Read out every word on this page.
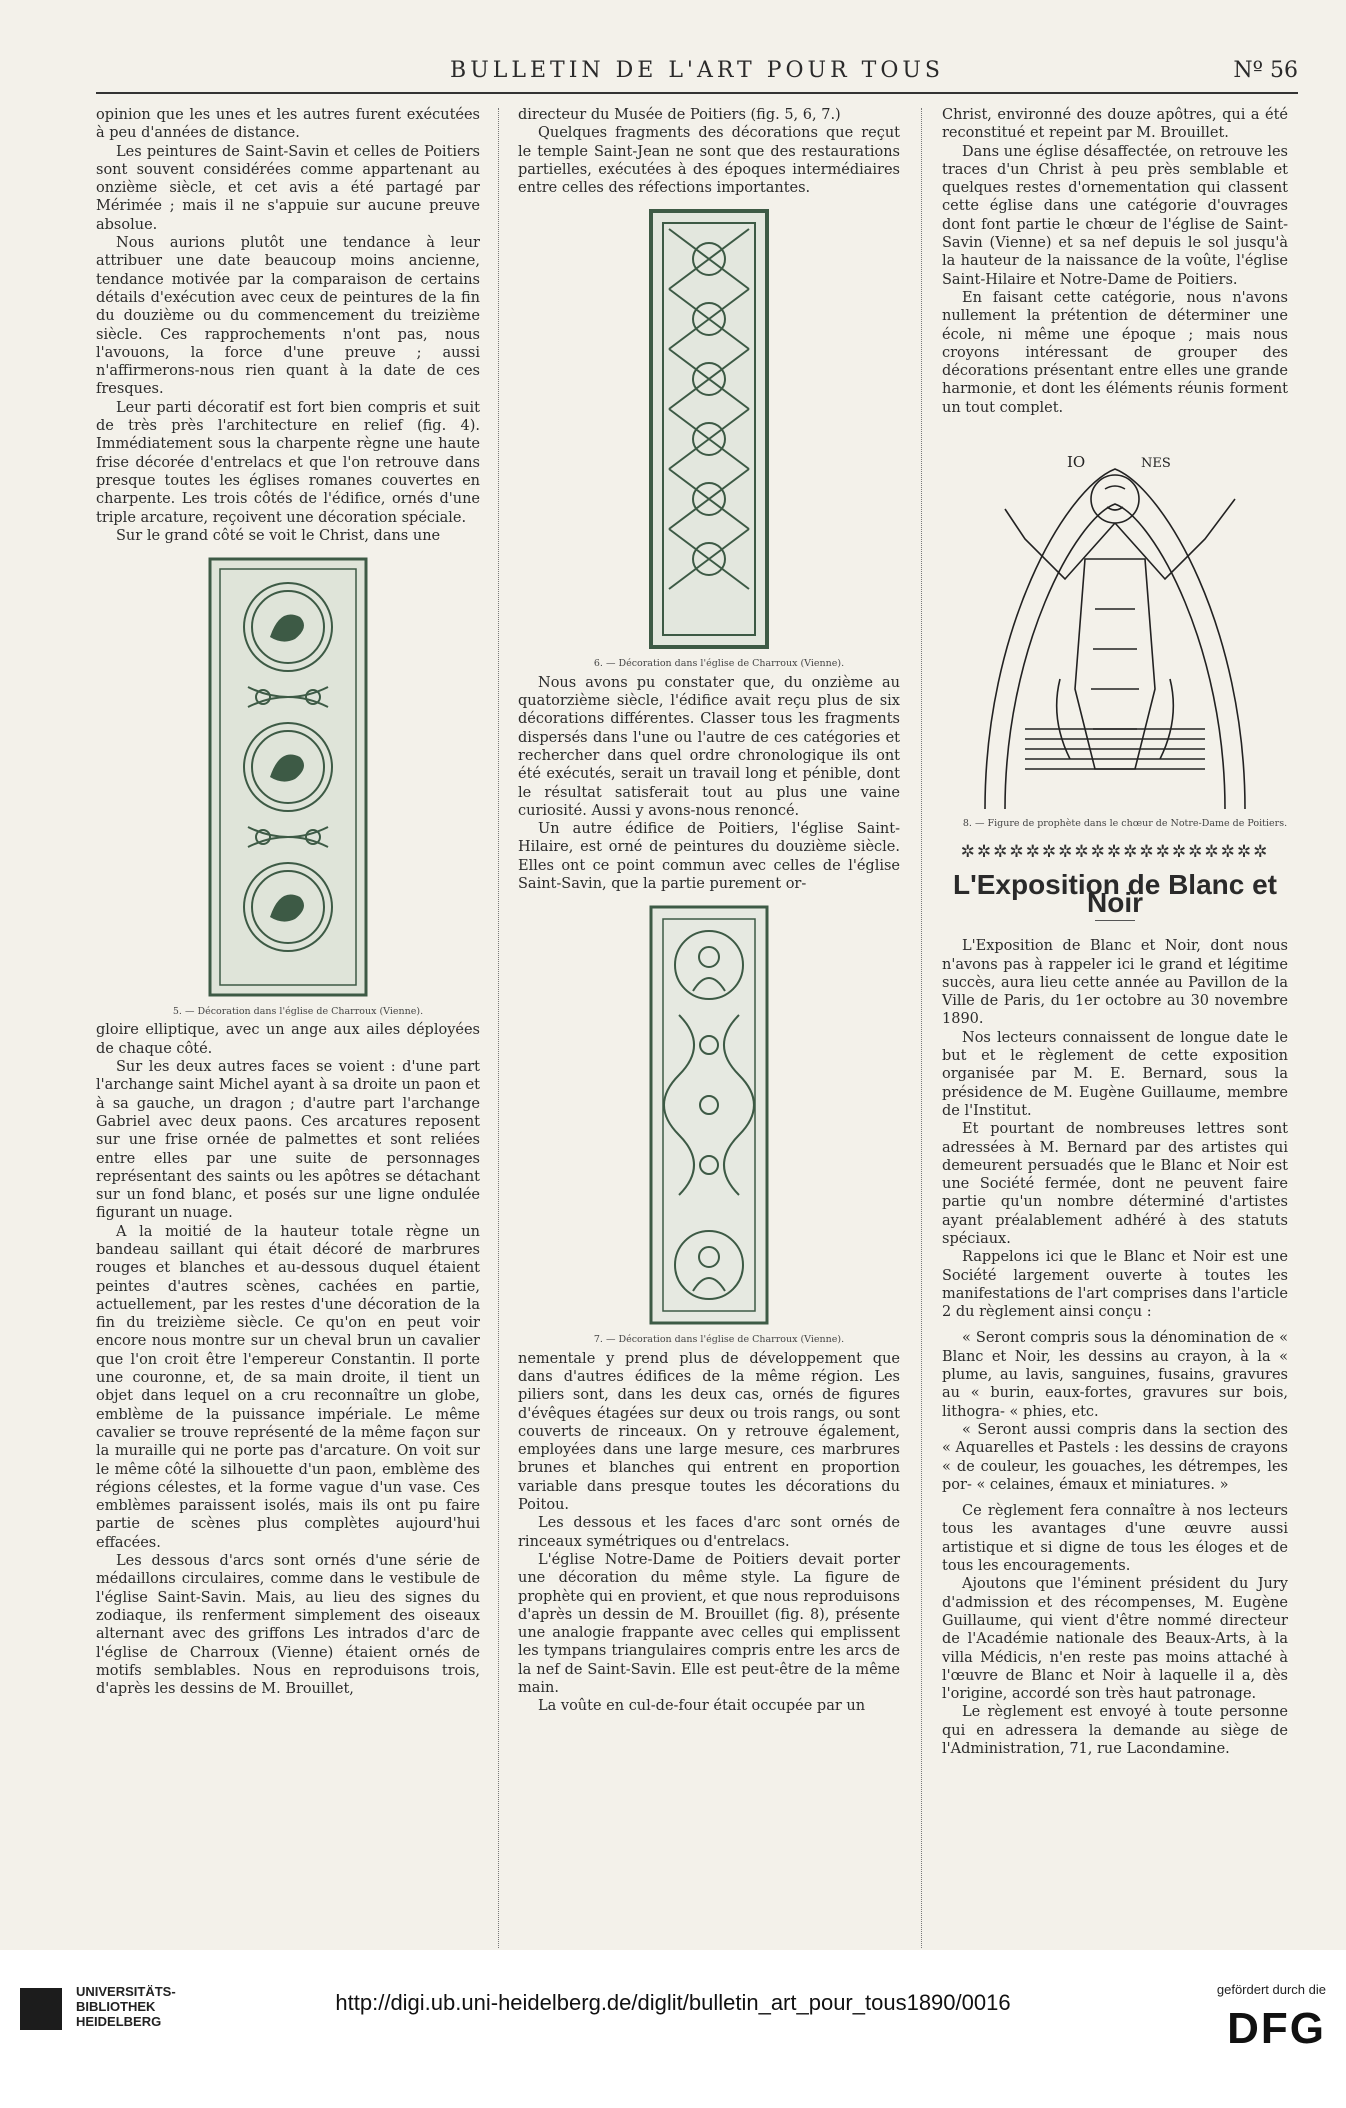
BULLETIN DE L'ART POUR TOUS	Nº 56

opinion que les unes et les autres furent exécutées à peu d'années de distance.

Les peintures de Saint-Savin et celles de Poitiers sont souvent considérées comme appartenant au onzième siècle, et cet avis a été partagé par Mérimée ; mais il ne s'appuie sur aucune preuve absolue.

Nous aurions plutôt une tendance à leur attribuer une date beaucoup moins ancienne, tendance motivée par la comparaison de certains détails d'exécution avec ceux de peintures de la fin du douzième ou du commencement du treizième siècle. Ces rapprochements n'ont pas, nous l'avouons, la force d'une preuve ; aussi n'affirmerons-nous rien quant à la date de ces fresques.

Leur parti décoratif est fort bien compris et suit de très près l'architecture en relief (fig. 4). Immédiatement sous la charpente règne une haute frise décorée d'entrelacs et que l'on retrouve dans presque toutes les églises romanes couvertes en charpente. Les trois côtés de l'édifice, ornés d'une triple arcature, reçoivent une décoration spéciale.

Sur le grand côté se voit le Christ, dans une

5. — Décoration dans l'église de Charroux (Vienne).

gloire elliptique, avec un ange aux ailes déployées de chaque côté.

Sur les deux autres faces se voient : d'une part l'archange saint Michel ayant à sa droite un paon et à sa gauche, un dragon ; d'autre part l'archange Gabriel avec deux paons. Ces arcatures reposent sur une frise ornée de palmettes et sont reliées entre elles par une suite de personnages représentant des saints ou les apôtres se détachant sur un fond blanc, et posés sur une ligne ondulée figurant un nuage.

A la moitié de la hauteur totale règne un bandeau saillant qui était décoré de marbrures rouges et blanches et au-dessous duquel étaient peintes d'autres scènes, cachées en partie, actuellement, par les restes d'une décoration de la fin du treizième siècle. Ce qu'on en peut voir encore nous montre sur un cheval brun un cavalier que l'on croit être l'empereur Constantin. Il porte une couronne, et, de sa main droite, il tient un objet dans lequel on a cru reconnaître un globe, emblème de la puissance impériale. Le même cavalier se trouve représenté de la même façon sur la muraille qui ne porte pas d'arcature. On voit sur le même côté la silhouette d'un paon, emblème des régions célestes, et la forme vague d'un vase. Ces emblèmes paraissent isolés, mais ils ont pu faire partie de scènes plus complètes aujourd'hui effacées.

Les dessous d'arcs sont ornés d'une série de médaillons circulaires, comme dans le vestibule de l'église Saint-Savin. Mais, au lieu des signes du zodiaque, ils renferment simplement des oiseaux alternant avec des griffons Les intrados d'arc de l'église de Charroux (Vienne) étaient ornés de motifs semblables. Nous en reproduisons trois, d'après les dessins de M. Brouillet,

directeur du Musée de Poitiers (fig. 5, 6, 7.)

Quelques fragments des décorations que reçut le temple Saint-Jean ne sont que des restaurations partielles, exécutées à des époques intermédiaires entre celles des réfections importantes.

6. — Décoration dans l'église de Charroux (Vienne).

Nous avons pu constater que, du onzième au quatorzième siècle, l'édifice avait reçu plus de six décorations différentes. Classer tous les fragments dispersés dans l'une ou l'autre de ces catégories et rechercher dans quel ordre chronologique ils ont été exécutés, serait un travail long et pénible, dont le résultat satisferait tout au plus une vaine curiosité. Aussi y avons-nous renoncé.

Un autre édifice de Poitiers, l'église Saint-Hilaire, est orné de peintures du douzième siècle. Elles ont ce point commun avec celles de l'église Saint-Savin, que la partie purement or-

7. — Décoration dans l'église de Charroux (Vienne).

nementale y prend plus de développement que dans d'autres édifices de la même région. Les piliers sont, dans les deux cas, ornés de figures d'évêques étagées sur deux ou trois rangs, ou sont couverts de rinceaux. On y retrouve également, employées dans une large mesure, ces marbrures brunes et blanches qui entrent en proportion variable dans presque toutes les décorations du Poitou.

Les dessous et les faces d'arc sont ornés de rinceaux symétriques ou d'entrelacs.

L'église Notre-Dame de Poitiers devait porter une décoration du même style. La figure de prophète qui en provient, et que nous reproduisons d'après un dessin de M. Brouillet (fig. 8), présente une analogie frappante avec celles qui emplissent les tympans triangulaires compris entre les arcs de la nef de Saint-Savin. Elle est peut-être de la même main.

La voûte en cul-de-four était occupée par un

Christ, environné des douze apôtres, qui a été reconstitué et repeint par M. Brouillet.

Dans une église désaffectée, on retrouve les traces d'un Christ à peu près semblable et quelques restes d'ornementation qui classent cette église dans une catégorie d'ouvrages dont font partie le chœur de l'église de Saint-Savin (Vienne) et sa nef depuis le sol jusqu'à la hauteur de la naissance de la voûte, l'église Saint-Hilaire et Notre-Dame de Poitiers.

En faisant cette catégorie, nous n'avons nullement la prétention de déterminer une école, ni même une époque ; mais nous croyons intéressant de grouper des décorations présentant entre elles une grande harmonie, et dont les éléments réunis forment un tout complet.

IO	NES

8. — Figure de prophète dans le chœur de Notre-Dame de Poitiers.

✲✲✲✲✲✲✲✲✲✲✲✲✲✲✲✲✲✲✲
L'Exposition de Blanc et Noir

L'Exposition de Blanc et Noir, dont nous n'avons pas à rappeler ici le grand et légitime succès, aura lieu cette année au Pavillon de la Ville de Paris, du 1er octobre au 30 novembre 1890.

Nos lecteurs connaissent de longue date le but et le règlement de cette exposition organisée par M. E. Bernard, sous la présidence de M. Eugène Guillaume, membre de l'Institut.

Et pourtant de nombreuses lettres sont adressées à M. Bernard par des artistes qui demeurent persuadés que le Blanc et Noir est une Société fermée, dont ne peuvent faire partie qu'un nombre déterminé d'artistes ayant préalablement adhéré à des statuts spéciaux.

Rappelons ici que le Blanc et Noir est une Société largement ouverte à toutes les manifestations de l'art comprises dans l'article 2 du règlement ainsi conçu :

« Seront compris sous la dénomination de « Blanc et Noir, les dessins au crayon, à la « plume, au lavis, sanguines, fusains, gravures au « burin, eaux-fortes, gravures sur bois, lithogra- « phies, etc.

« Seront aussi compris dans la section des « Aquarelles et Pastels : les dessins de crayons « de couleur, les gouaches, les détrempes, les por- « celaines, émaux et miniatures. »

Ce règlement fera connaître à nos lecteurs tous les avantages d'une œuvre aussi artistique et si digne de tous les éloges et de tous les encouragements.

Ajoutons que l'éminent président du Jury d'admission et des récompenses, M. Eugène Guillaume, qui vient d'être nommé directeur de l'Académie nationale des Beaux-Arts, à la villa Médicis, n'en reste pas moins attaché à l'œuvre de Blanc et Noir à laquelle il a, dès l'origine, accordé son très haut patronage.

Le règlement est envoyé à toute personne qui en adressera la demande au siège de l'Administration, 71, rue Lacondamine.

UNIVERSITÄTS-
BIBLIOTHEK
HEIDELBERG
http://digi.ub.uni-heidelberg.de/diglit/bulletin_art_pour_tous1890/0016
gefördert durch die
DFG
